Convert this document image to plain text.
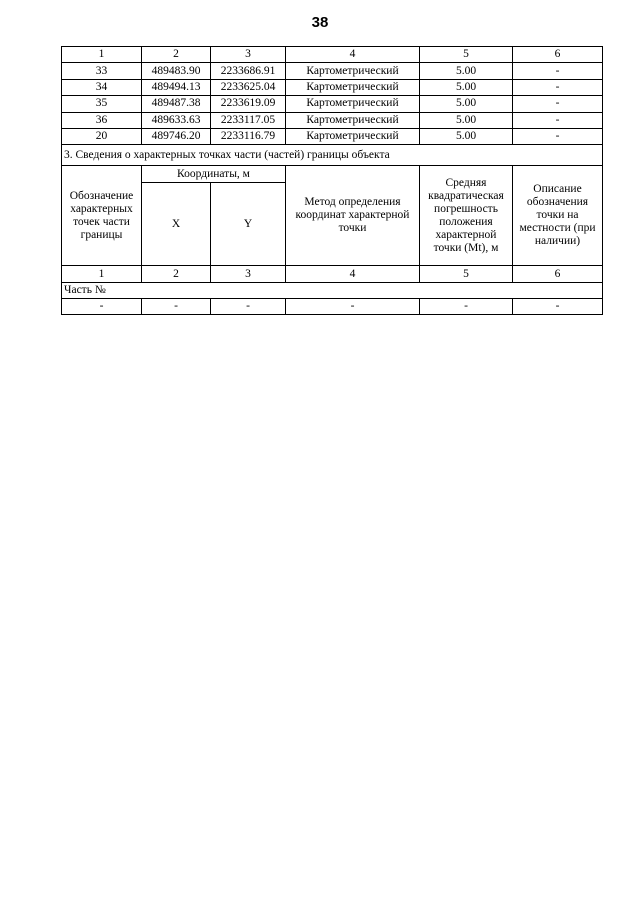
38
1	2	3	4	5	6
33	489483.90	2233686.91	Картометрический	5.00	-
34	489494.13	2233625.04	Картометрический	5.00	-
35	489487.38	2233619.09	Картометрический	5.00	-
36	489633.63	2233117.05	Картометрический	5.00	-
20	489746.20	2233116.79	Картометрический	5.00	-
3. Сведения о характерных точках части (частей) границы объекта					
Обозначение характерных точек части границы	Координаты, м		Метод определения координат характерной точки	Средняя квадратическая погрешность положения характерной точки (Mt), м	Описание обозначения точки на местности (при наличии)
	X	Y			
1	2	3	4	5	6
Часть №					
-	-	-	-	-	-
